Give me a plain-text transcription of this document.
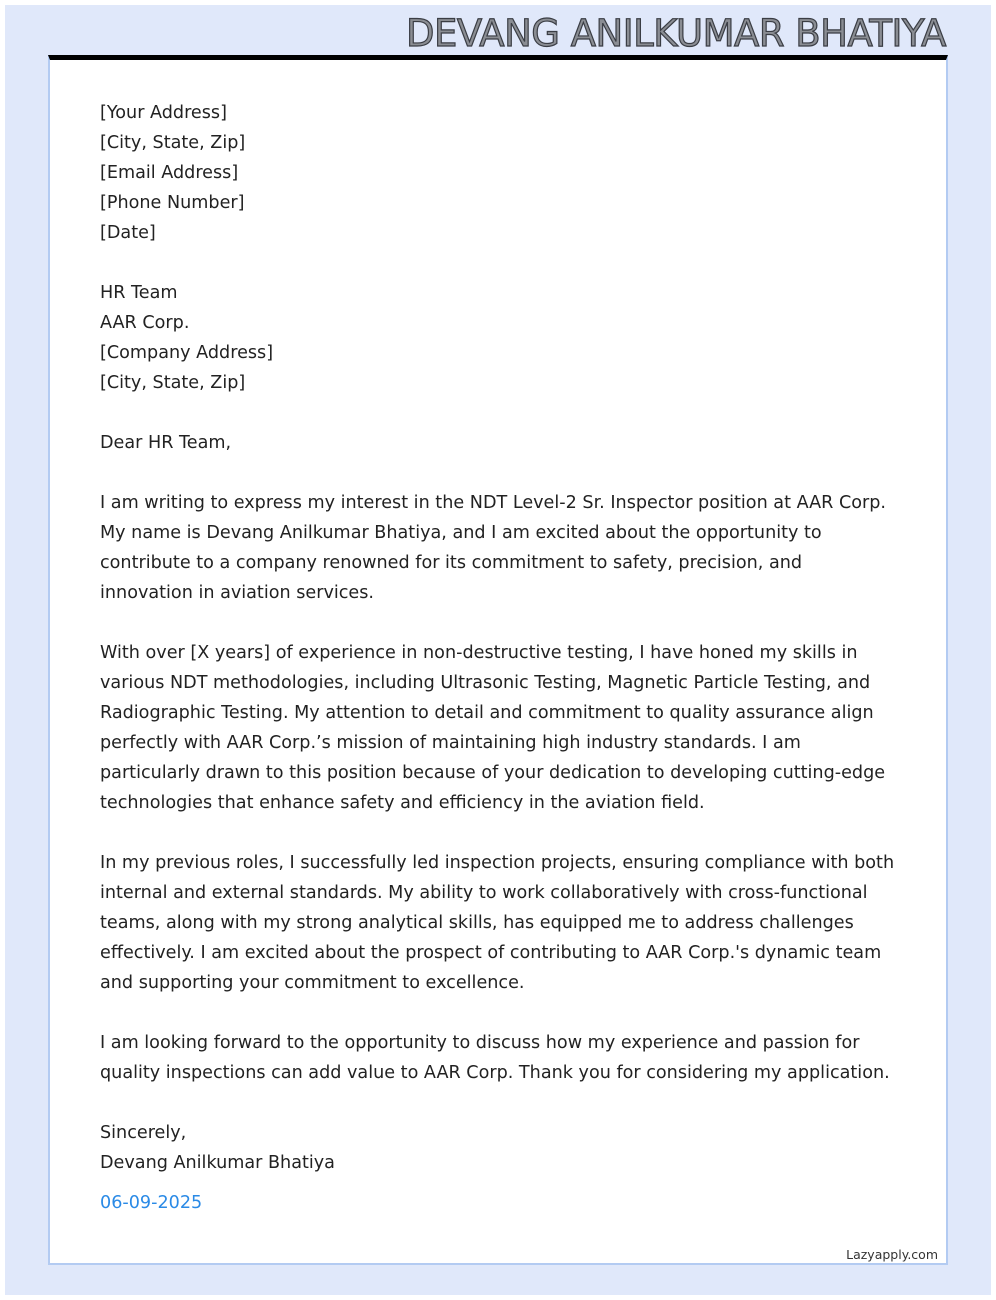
DEVANG ANILKUMAR BHATIYA
[Your Address]
[City, State, Zip]
[Email Address]
[Phone Number]
[Date]
HR Team
AAR Corp.
[Company Address]
[City, State, Zip]
Dear HR Team,
I am writing to express my interest in the NDT Level-2 Sr. Inspector position at AAR Corp.
My name is Devang Anilkumar Bhatiya, and I am excited about the opportunity to
contribute to a company renowned for its commitment to safety, precision, and
innovation in aviation services.
With over [X years] of experience in non-destructive testing, I have honed my skills in
various NDT methodologies, including Ultrasonic Testing, Magnetic Particle Testing, and
Radiographic Testing. My attention to detail and commitment to quality assurance align
perfectly with AAR Corp.’s mission of maintaining high industry standards. I am
particularly drawn to this position because of your dedication to developing cutting-edge
technologies that enhance safety and efficiency in the aviation field.
In my previous roles, I successfully led inspection projects, ensuring compliance with both
internal and external standards. My ability to work collaboratively with cross-functional
teams, along with my strong analytical skills, has equipped me to address challenges
effectively. I am excited about the prospect of contributing to AAR Corp.'s dynamic team
and supporting your commitment to excellence.
I am looking forward to the opportunity to discuss how my experience and passion for
quality inspections can add value to AAR Corp. Thank you for considering my application.
Sincerely,
Devang Anilkumar Bhatiya
06-09-2025
Lazyapply.com
